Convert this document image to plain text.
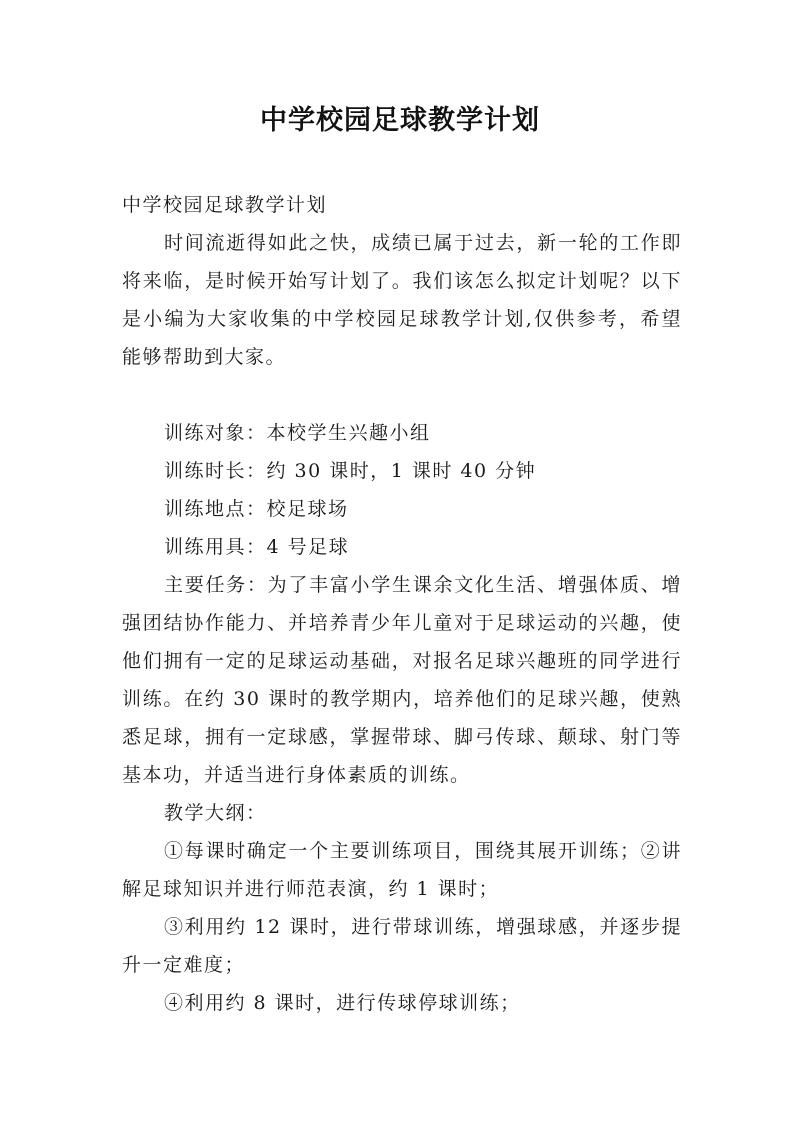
中学校园足球教学计划

中学校园足球教学计划

时间流逝得如此之快，成绩已属于过去，新一轮的工作即将来临，是时候开始写计划了。我们该怎么拟定计划呢？以下是小编为大家收集的中学校园足球教学计划,仅供参考，希望能够帮助到大家。

训练对象：本校学生兴趣小组

训练时长：约 30 课时，1 课时 40 分钟

训练地点：校足球场

训练用具：4 号足球

主要任务：为了丰富小学生课余文化生活、增强体质、增强团结协作能力、并培养青少年儿童对于足球运动的兴趣，使他们拥有一定的足球运动基础，对报名足球兴趣班的同学进行训练。在约 30 课时的教学期内，培养他们的足球兴趣，使熟悉足球，拥有一定球感，掌握带球、脚弓传球、颠球、射门等基本功，并适当进行身体素质的训练。

教学大纲：

①每课时确定一个主要训练项目，围绕其展开训练；②讲解足球知识并进行师范表演，约 1 课时；

③利用约 12 课时，进行带球训练，增强球感，并逐步提升一定难度；

④利用约 8 课时，进行传球停球训练；
